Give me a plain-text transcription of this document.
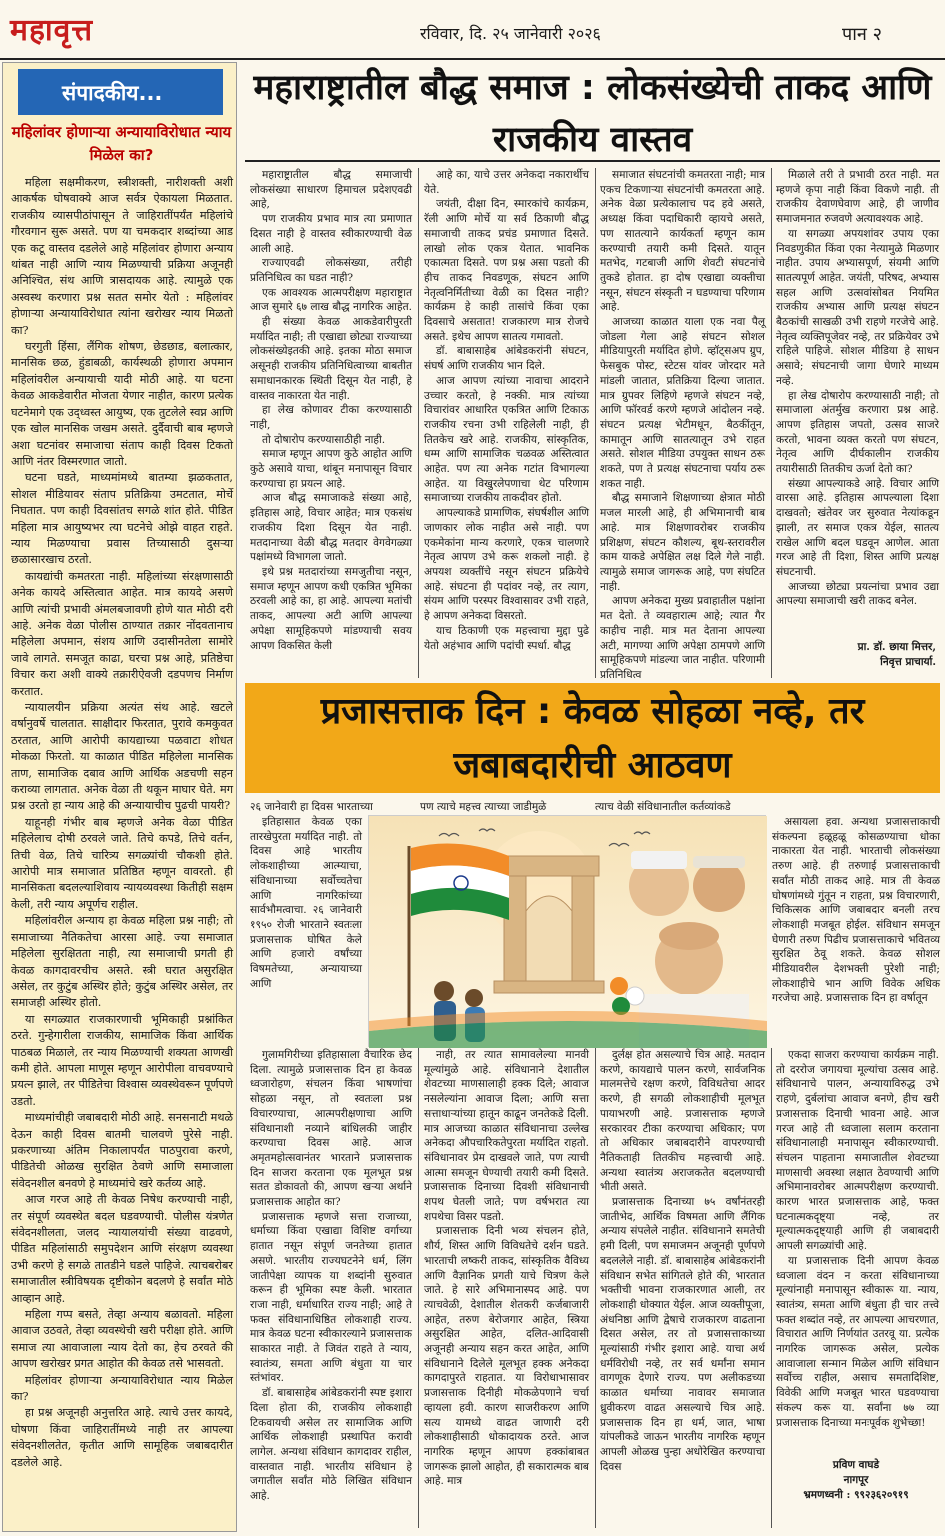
महावृत्त	रविवार, दि. २५ जानेवारी २०२६	पान २
संपादकीय...
महिलांवर होणाऱ्या अन्यायाविरोधात न्याय मिळेल का?

महिला सक्षमीकरण, स्त्रीशक्ती, नारीशक्ती अशी आकर्षक घोषवाक्ये आज सर्वत्र ऐकायला मिळतात. राजकीय व्यासपीठांपासून ते जाहिरातींपर्यंत महिलांचे गौरवगान सुरू असते. पण या चमकदार शब्दांच्या आड एक कटू वास्तव दडलेले आहे महिलांवर होणारा अन्याय थांबत नाही आणि न्याय मिळण्याची प्रक्रिया अजूनही अनिश्चित, संथ आणि त्रासदायक आहे. त्यामुळे एक अस्वस्थ करणारा प्रश्न सतत समोर येतो : महिलांवर होणाऱ्या अन्यायाविरोधात त्यांना खरोखर न्याय मिळतो का?

घरगुती हिंसा, लैंगिक शोषण, छेडछाड, बलात्कार, मानसिक छळ, हुंडाबळी, कार्यस्थळी होणारा अपमान महिलांवरील अन्यायाची यादी मोठी आहे. या घटना केवळ आकडेवारीत मोजता येणार नाहीत, कारण प्रत्येक घटनेमागे एक उद्ध्वस्त आयुष्य, एक तुटलेले स्वप्न आणि एक खोल मानसिक जखम असते. दुर्दैवाची बाब म्हणजे अशा घटनांवर समाजाचा संताप काही दिवस टिकतो आणि नंतर विस्मरणात जातो.

घटना घडते, माध्यमांमध्ये बातम्या झळकतात, सोशल मीडियावर संताप प्रतिक्रिया उमटतात, मोर्चे निघतात. पण काही दिवसांतच सगळे शांत होते. पीडित महिला मात्र आयुष्यभर त्या घटनेचे ओझे वाहत राहते. न्याय मिळण्याचा प्रवास तिच्यासाठी दुसऱ्या छळासारखाच ठरतो.

कायद्यांची कमतरता नाही. महिलांच्या संरक्षणासाठी अनेक कायदे अस्तित्वात आहेत. मात्र कायदे असणे आणि त्यांची प्रभावी अंमलबजावणी होणे यात मोठी दरी आहे. अनेक वेळा पोलीस ठाण्यात तक्रार नोंदवतानाच महिलेला अपमान, संशय आणि उदासीनतेला सामोरे जावे लागते. समजूत काढा, घरचा प्रश्न आहे, प्रतिष्ठेचा विचार करा अशी वाक्ये तक्रारीऐवजी दडपणच निर्माण करतात.

न्यायालयीन प्रक्रिया अत्यंत संथ आहे. खटले वर्षानुवर्षे चालतात. साक्षीदार फिरतात, पुरावे कमकुवत ठरतात, आणि आरोपी कायद्याच्या पळवाटा शोधत मोकळा फिरतो. या काळात पीडित महिलेला मानसिक ताण, सामाजिक दबाव आणि आर्थिक अडचणी सहन कराव्या लागतात. अनेक वेळा ती थकून माघार घेते. मग प्रश्न उरतो हा न्याय आहे की अन्यायाचीच पुढची पायरी?

याहूनही गंभीर बाब म्हणजे अनेक वेळा पीडित महिलेलाच दोषी ठरवले जाते. तिचे कपडे, तिचे वर्तन, तिची वेळ, तिचे चारित्र्य सगळ्यांची चौकशी होते. आरोपी मात्र समाजात प्रतिष्ठित म्हणून वावरतो. ही मानसिकता बदलल्याशिवाय न्यायव्यवस्था कितीही सक्षम केली, तरी न्याय अपूर्णच राहील.

महिलांवरील अन्याय हा केवळ महिला प्रश्न नाही; तो समाजाच्या नैतिकतेचा आरसा आहे. ज्या समाजात महिलेला सुरक्षितता नाही, त्या समाजाची प्रगती ही केवळ कागदावरचीच असते. स्त्री घरात असुरक्षित असेल, तर कुटुंब अस्थिर होते; कुटुंब अस्थिर असेल, तर समाजही अस्थिर होतो.

या सगळ्यात राजकारणाची भूमिकाही प्रश्नांकित ठरते. गुन्हेगारीला राजकीय, सामाजिक किंवा आर्थिक पाठबळ मिळाले, तर न्याय मिळण्याची शक्यता आणखी कमी होते. आपला माणूस म्हणून आरोपीला वाचवण्याचे प्रयत्न झाले, तर पीडितेचा विश्वास व्यवस्थेवरून पूर्णपणे उडतो.

माध्यमांचीही जबाबदारी मोठी आहे. सनसनाटी मथळे देऊन काही दिवस बातमी चालवणे पुरेसे नाही. प्रकरणाच्या अंतिम निकालापर्यंत पाठपुरावा करणे, पीडितेची ओळख सुरक्षित ठेवणे आणि समाजाला संवेदनशील बनवणे हे माध्यमांचे खरे कर्तव्य आहे.

आज गरज आहे ती केवळ निषेध करण्याची नाही, तर संपूर्ण व्यवस्थेत बदल घडवण्याची. पोलीस यंत्रणेत संवेदनशीलता, जलद न्यायालयांची संख्या वाढवणे, पीडित महिलांसाठी समुपदेशन आणि संरक्षण व्यवस्था उभी करणे हे सगळे तातडीने घडले पाहिजे. त्याचबरोबर समाजातील स्त्रीविषयक दृष्टीकोन बदलणे हे सर्वांत मोठे आव्हान आहे.

महिला गप्प बसते, तेव्हा अन्याय बळावतो. महिला आवाज उठवते, तेव्हा व्यवस्थेची खरी परीक्षा होते. आणि समाज त्या आवाजाला न्याय देतो का, हेच ठरवते की आपण खरोखर प्रगत आहोत की केवळ तसे भासवतो.

महिलांवर होणाऱ्या अन्यायाविरोधात न्याय मिळेल का?

हा प्रश्न अजूनही अनुत्तरित आहे. त्याचे उत्तर कायदे, घोषणा किंवा जाहिरातींमध्ये नाही तर आपल्या संवेदनशीलतेत, कृतीत आणि सामूहिक जबाबदारीत दडलेले आहे.

महाराष्ट्रातील बौद्ध समाज : लोकसंख्येची ताकद आणि राजकीय वास्तव

महाराष्ट्रातील बौद्ध समाजाची लोकसंख्या साधारण हिमाचल प्रदेशएवढी आहे,

पण राजकीय प्रभाव मात्र त्या प्रमाणात दिसत नाही हे वास्तव स्वीकारण्याची वेळ आली आहे.

राज्याएवढी लोकसंख्या, तरीही प्रतिनिधित्व का घडत नाही?

एक आवश्यक आत्मपरीक्षण महाराष्ट्रात आज सुमारे ६७ लाख बौद्ध नागरिक आहेत.

ही संख्या केवळ आकडेवारीपुरती मर्यादित नाही; ती एखाद्या छोट्या राज्याच्या लोकसंख्येइतकी आहे. इतका मोठा समाज असूनही राजकीय प्रतिनिधित्वाच्या बाबतीत समाधानकारक स्थिती दिसून येत नाही, हे वास्तव नाकारता येत नाही.

हा लेख कोणावर टीका करण्यासाठी नाही,

तो दोषारोप करण्यासाठीही नाही.

समाज म्हणून आपण कुठे आहोत आणि कुठे असावे याचा, थांबून मनापासून विचार करण्याचा हा प्रयत्न आहे.

आज बौद्ध समाजाकडे संख्या आहे, इतिहास आहे, विचार आहेत; मात्र एकसंध राजकीय दिशा दिसून येत नाही. मतदानाच्या वेळी बौद्ध मतदार वेगवेगळ्या पक्षांमध्ये विभागला जातो.

इथे प्रश्न मतदारांच्या समजुतीचा नसून, समाज म्हणून आपण कधी एकत्रित भूमिका ठरवली आहे का, हा आहे. आपल्या मतांची ताकद, आपल्या अटी आणि आपल्या अपेक्षा सामूहिकपणे मांडण्याची सवय आपण विकसित केली

आहे का, याचे उत्तर अनेकदा नकारार्थीच येते.

जयंती, दीक्षा दिन, स्मारकांचे कार्यक्रम, रॅली आणि मोर्चे या सर्व ठिकाणी बौद्ध समाजाची ताकद प्रचंड प्रमाणात दिसते. लाखो लोक एकत्र येतात. भावनिक एकात्मता दिसते. पण प्रश्न असा पडतो की हीच ताकद निवडणूक, संघटन आणि नेतृत्वनिर्मितीच्या वेळी का दिसत नाही? कार्यक्रम हे काही तासांचे किंवा एका दिवसाचे असतात! राजकारण मात्र रोजचे असते. इथेच आपण सातत्य गमावतो.

डॉ. बाबासाहेब आंबेडकरांनी संघटन, संघर्ष आणि राजकीय भान दिले.

आज आपण त्यांच्या नावाचा आदराने उच्चार करतो, हे नक्की. मात्र त्यांच्या विचारांवर आधारित एकत्रित आणि टिकाऊ राजकीय रचना उभी राहिलेली नाही, ही तितकेच खरे आहे. राजकीय, सांस्कृतिक, धम्म आणि सामाजिक चळवळ अस्तित्वात आहेत. पण त्या अनेक गटांत विभागल्या आहेत. या विखुरलेपणाचा थेट परिणाम समाजाच्या राजकीय ताकदीवर होतो.

आपल्याकडे प्रामाणिक, संघर्षशील आणि जाणकार लोक नाहीत असे नाही. पण एकमेकांना मान्य करणारे, एकत्र चालणारे नेतृत्व आपण उभे करू शकलो नाही. हे अपयश व्यक्तींचे नसून संघटन प्रक्रियेचे आहे. संघटना ही पदांवर नव्हे, तर त्याग, संयम आणि परस्पर विश्वासावर उभी राहते, हे आपण अनेकदा विसरतो.

याच ठिकाणी एक महत्त्वाचा मुद्दा पुढे येतो अहंभाव आणि पदांची स्पर्धा. बौद्ध

समाजात संघटनांची कमतरता नाही; मात्र एकच टिकणाऱ्या संघटनांची कमतरता आहे. अनेक वेळा प्रत्येकालाच पद हवे असते, अध्यक्ष किंवा पदाधिकारी व्हायचे असते, पण सातत्याने कार्यकर्ता म्हणून काम करण्याची तयारी कमी दिसते. यातून मतभेद, गटबाजी आणि शेवटी संघटनांचे तुकडे होतात. हा दोष एखाद्या व्यक्तीचा नसून, संघटन संस्कृती न घडण्याचा परिणाम आहे.

आजच्या काळात याला एक नवा पैलू जोडला गेला आहे संघटन सोशल मीडियापुरती मर्यादित होणे. व्हॉट्सअप ग्रुप, फेसबुक पोस्ट, स्टेटस यांवर जोरदार मते मांडली जातात, प्रतिक्रिया दिल्या जातात. मात्र ग्रुपवर लिहिणे म्हणजे संघटन नव्हे, आणि फॉरवर्ड करणे म्हणजे आंदोलन नव्हे. संघटन प्रत्यक्ष भेटीमधून, बैठकींतून, कामातून आणि सातत्यातून उभे राहत असते. सोशल मीडिया उपयुक्त साधन ठरू शकते, पण ते प्रत्यक्ष संघटनाचा पर्याय ठरू शकत नाही.

बौद्ध समाजाने शिक्षणाच्या क्षेत्रात मोठी मजल मारली आहे, ही अभिमानाची बाब आहे. मात्र शिक्षणावरोबर राजकीय प्रशिक्षण, संघटन कौशल्य, बूथ-स्तरावरील काम याकडे अपेक्षित लक्ष दिले गेले नाही. त्यामुळे समाज जागरूक आहे, पण संघटित नाही.

आपण अनेकदा मुख्य प्रवाहातील पक्षांना मत देतो. ते व्यवहारात्म आहे; त्यात गैर काहीच नाही. मात्र मत देताना आपल्या अटी, मागण्या आणि अपेक्षा ठामपणे आणि सामूहिकपणे मांडल्या जात नाहीत. परिणामी प्रतिनिधित्व

मिळाले तरी ते प्रभावी ठरत नाही. मत म्हणजे कृपा नाही किंवा विकणे नाही. ती राजकीय देवाणघेवाण आहे, ही जाणीव समाजमनात रुजवणे अत्यावश्यक आहे.

या सगळ्या अपयशांवर उपाय एका निवडणुकीत किंवा एका नेत्यामुळे मिळणार नाहीत. उपाय अभ्यासपूर्ण, संयमी आणि सातत्यपूर्ण आहेत. जयंती, परिषद, अभ्यास सहल आणि उत्सवांसोबत नियमित राजकीय अभ्यास आणि प्रत्यक्ष संघटन बैठकांची साखळी उभी राहणे गरजेचे आहे. नेतृत्व व्यक्तिपूजेवर नव्हे, तर प्रक्रियेवर उभे राहिले पाहिजे. सोशल मीडिया हे साधन असावे; संघटनाची जागा घेणारे माध्यम नव्हे.

हा लेख दोषारोप करण्यासाठी नाही; तो समाजाला अंतर्मुख करणारा प्रश्न आहे. आपण इतिहास जपतो, उत्सव साजरे करतो, भावना व्यक्त करतो पण संघटन, नेतृत्व आणि दीर्घकालीन राजकीय तयारीसाठी तितकीच ऊर्जा देतो का?

संख्या आपल्याकडे आहे. विचार आणि वारसा आहे. इतिहास आपल्याला दिशा दाखवतो; खंतेवर जर सुरुवात नेत्यांकडून झाली, तर समाज एकत्र येईल, सातत्य राखेल आणि बदल घडवून आणेल. आता गरज आहे ती दिशा, शिस्त आणि प्रत्यक्ष संघटनाची.

आजच्या छोट्या प्रयत्नांचा प्रभाव उद्या आपल्या समाजाची खरी ताकद बनेल.

प्रा. डॉ. छाया मित्तर,
निवृत्त प्राचार्या.
प्रजासत्ताक दिन : केवळ सोहळा नव्हे, तर जबाबदारीची आठवण
२६ जानेवारी हा दिवस भारताच्या	पण त्याचे महत्त्व त्याच्या जाडीमुळे	त्याच वेळी संविधानातील कर्तव्यांकडे
इतिहासात केवळ एका तारखेपुरता मर्यादित नाही. तो दिवस आहे भारतीय लोकशाहीच्या आत्म्याचा, संविधानाच्या सर्वोच्चतेचा आणि नागरिकांच्या सार्वभौमत्वाचा. २६ जानेवारी १९५० रोजी भारताने स्वतःला प्रजासत्ताक घोषित केले आणि हजारो वर्षांच्या विषमतेच्या, अन्यायाच्या आणि
असायला हवा. अन्यथा प्रजासत्ताकाची संकल्पना हळूहळू कोसळण्याचा धोका नाकारता येत नाही. भारताची लोकसंख्या तरुण आहे. ही तरुणाई प्रजासत्ताकाची सर्वांत मोठी ताकद आहे. मात्र ती केवळ घोषणांमध्ये गुंतून न राहता, प्रश्न विचारणारी, चिकित्सक आणि जबाबदार बनली तरच लोकशाही मजबूत होईल. संविधान समजून घेणारी तरुण पिढीच प्रजासत्ताकाचे भवितव्य सुरक्षित ठेवू शकते. केवळ सोशल मीडियावरील देशभक्ती पुरेशी नाही; लोकशाहीचे भान आणि विवेक अधिक गरजेचा आहे. प्रजासत्ताक दिन हा वर्षातून

गुलामगिरीच्या इतिहासाला वैचारिक छेद दिला. त्यामुळे प्रजासत्ताक दिन हा केवळ ध्वजारोहण, संचलन किंवा भाषणांचा सोहळा नसून, तो स्वतःला प्रश्न विचारण्याचा, आत्मपरीक्षणाचा आणि संविधानाशी नव्याने बांधिलकी जाहीर करण्याचा दिवस आहे. आज अमृतमहोत्सवानंतर भारताने प्रजासत्ताक दिन साजरा करताना एक मूलभूत प्रश्न सतत डोकावतो की, आपण खऱ्या अर्थाने प्रजासत्ताक आहोत का?

प्रजासत्ताक म्हणजे सत्ता राजाच्या, धर्माच्या किंवा एखाद्या विशिष्ट वर्गाच्या हातात नसून संपूर्ण जनतेच्या हातात असणे. भारतीय राज्यघटनेने धर्म, लिंग जातीपेक्षा व्यापक या शब्दांनी सुरुवात करून ही भूमिका स्पष्ट केली. भारतात राजा नाही, धर्माधारित राज्य नाही; आहे ते फक्त संविधानाधिष्ठित लोकशाही राज्य. मात्र केवळ घटना स्वीकारल्याने प्रजासत्ताक साकारत नाही. ते जिवंत राहते ते न्याय, स्वातंत्र्य, समता आणि बंधुता या चार स्तंभांवर.

डॉ. बाबासाहेब आंबेडकरांनी स्पष्ट इशारा दिला होता की, राजकीय लोकशाही टिकवायची असेल तर सामाजिक आणि आर्थिक लोकशाही प्रस्थापित करावी लागेल. अन्यथा संविधान कागदावर राहील, वास्तवात नाही. भारतीय संविधान हे जगातील सर्वांत मोठे लिखित संविधान आहे.

नाही, तर त्यात सामावलेल्या मानवी मूल्यांमुळे आहे. संविधानाने देशातील शेवटच्या माणसालाही हक्क दिले; आवाज नसलेल्यांना आवाज दिला; आणि सत्ता सत्ताधाऱ्यांच्या हातून काढून जनतेकडे दिली. मात्र आजच्या काळात संविधानाचा उल्लेख अनेकदा औपचारिकतेपुरता मर्यादित राहतो. संविधानावर प्रेम दाखवले जाते, पण त्याची आत्मा समजून घेण्याची तयारी कमी दिसते. प्रजासत्ताक दिनाच्या दिवशी संविधानाची शपथ घेतली जाते; पण वर्षभरात त्या शपथेचा विसर पडतो.

प्रजासत्ताक दिनी भव्य संचलन होते, शौर्य, शिस्त आणि विविधतेचे दर्शन घडते. भारताची लष्करी ताकद, सांस्कृतिक वैविध्य आणि वैज्ञानिक प्रगती याचे चित्रण केले जाते. हे सारे अभिमानास्पद आहे. पण त्याचवेळी, देशातील शेतकरी कर्जबाजारी आहेत, तरुण बेरोजगार आहेत, स्त्रिया असुरक्षित आहेत, दलित-आदिवासी अजूनही अन्याय सहन करत आहेत, आणि संविधानाने दिलेले मूलभूत हक्क अनेकदा कागदापुरते राहतात. या विरोधाभासावर प्रजासत्ताक दिनीही मोकळेपणाने चर्चा व्हायला हवी. कारण साजरीकरण आणि सत्य यामध्ये वाढत जाणारी दरी लोकशाहीसाठी धोकादायक ठरते. आज नागरिक म्हणून आपण हक्कांबाबत जागरूक झालो आहोत, ही सकारात्मक बाब आहे. मात्र

दुर्लक्ष होत असल्याचे चित्र आहे. मतदान करणे, कायद्याचे पालन करणे, सार्वजनिक मालमत्तेचे रक्षण करणे, विविधतेचा आदर करणे, ही सगळी लोकशाहीची मूलभूत पायाभरणी आहे. प्रजासत्ताक म्हणजे सरकारवर टीका करण्याचा अधिकार; पण तो अधिकार जबाबदारीने वापरण्याची नैतिकताही तितकीच महत्त्वाची आहे. अन्यथा स्वातंत्र्य अराजकतेत बदलण्याची भीती असते.

प्रजासत्ताक दिनाच्या ७५ वर्षांनंतरही जातीभेद, आर्थिक विषमता आणि लैंगिक अन्याय संपलेले नाहीत. संविधानाने समतेची हमी दिली, पण समाजमन अजूनही पूर्णपणे बदललेले नाही. डॉ. बाबासाहेब आंबेडकरांनी संविधान सभेत सांगितले होते की, भारतात भक्तीची भावना राजकारणात आली, तर लोकशाही धोक्यात येईल. आज व्यक्तीपूजा, अंधनिष्ठा आणि द्वेषाचे राजकारण वाढताना दिसत असेल, तर तो प्रजासत्ताकाच्या मूल्यांसाठी गंभीर इशारा आहे. याचा अर्थ धर्मविरोधी नव्हे, तर सर्व धर्मांना समान वागणूक देणारे राज्य. पण अलीकडच्या काळात धर्माच्या नावावर समाजात ध्रुवीकरण वाढत असल्याचे चित्र आहे. प्रजासत्ताक दिन हा धर्म, जात, भाषा यांपलीकडे जाऊन भारतीय नागरिक म्हणून आपली ओळख पुन्हा अधोरेखित करण्याचा दिवस

एकदा साजरा करण्याचा कार्यक्रम नाही. तो दररोज जगायचा मूल्यांचा उत्सव आहे. संविधानाचे पालन, अन्यायाविरुद्ध उभे राहणे, दुर्बलांचा आवाज बनणे, हीच खरी प्रजासत्ताक दिनाची भावना आहे. आज गरज आहे ती ध्वजाला सलाम करताना संविधानालाही मनापासून स्वीकारण्याची. संचलन पाहताना समाजातील शेवटच्या माणसाची अवस्था लक्षात ठेवण्याची आणि अभिमानावरोबर आत्मपरीक्षण करण्याची. कारण भारत प्रजासत्ताक आहे, फक्त घटनात्मकदृष्ट्या नव्हे, तर मूल्यात्मकदृष्ट्याही आणि ही जबाबदारी आपली सगळ्यांची आहे.

या प्रजासत्ताक दिनी आपण केवळ ध्वजाला वंदन न करता संविधानाच्या मूल्यांनाही मनापासून स्वीकारू या. न्याय, स्वातंत्र्य, समता आणि बंधुता ही चार तत्त्वे फक्त शब्दांत नव्हे, तर आपल्या आचरणात, विचारात आणि निर्णयांत उतरवू या. प्रत्येक नागरिक जागरूक असेल, प्रत्येक आवाजाला सन्मान मिळेल आणि संविधान सर्वोच्च राहील, असाच समतादिशिष्ट, विवेकी आणि मजबूत भारत घडवण्याचा संकल्प करू या. सर्वांना ७७ व्या प्रजासत्ताक दिनाच्या मनःपूर्वक शुभेच्छा!

प्रविण वाघडे
नागपूर
भ्रमणध्वनी : ९९२३६२०९१९
